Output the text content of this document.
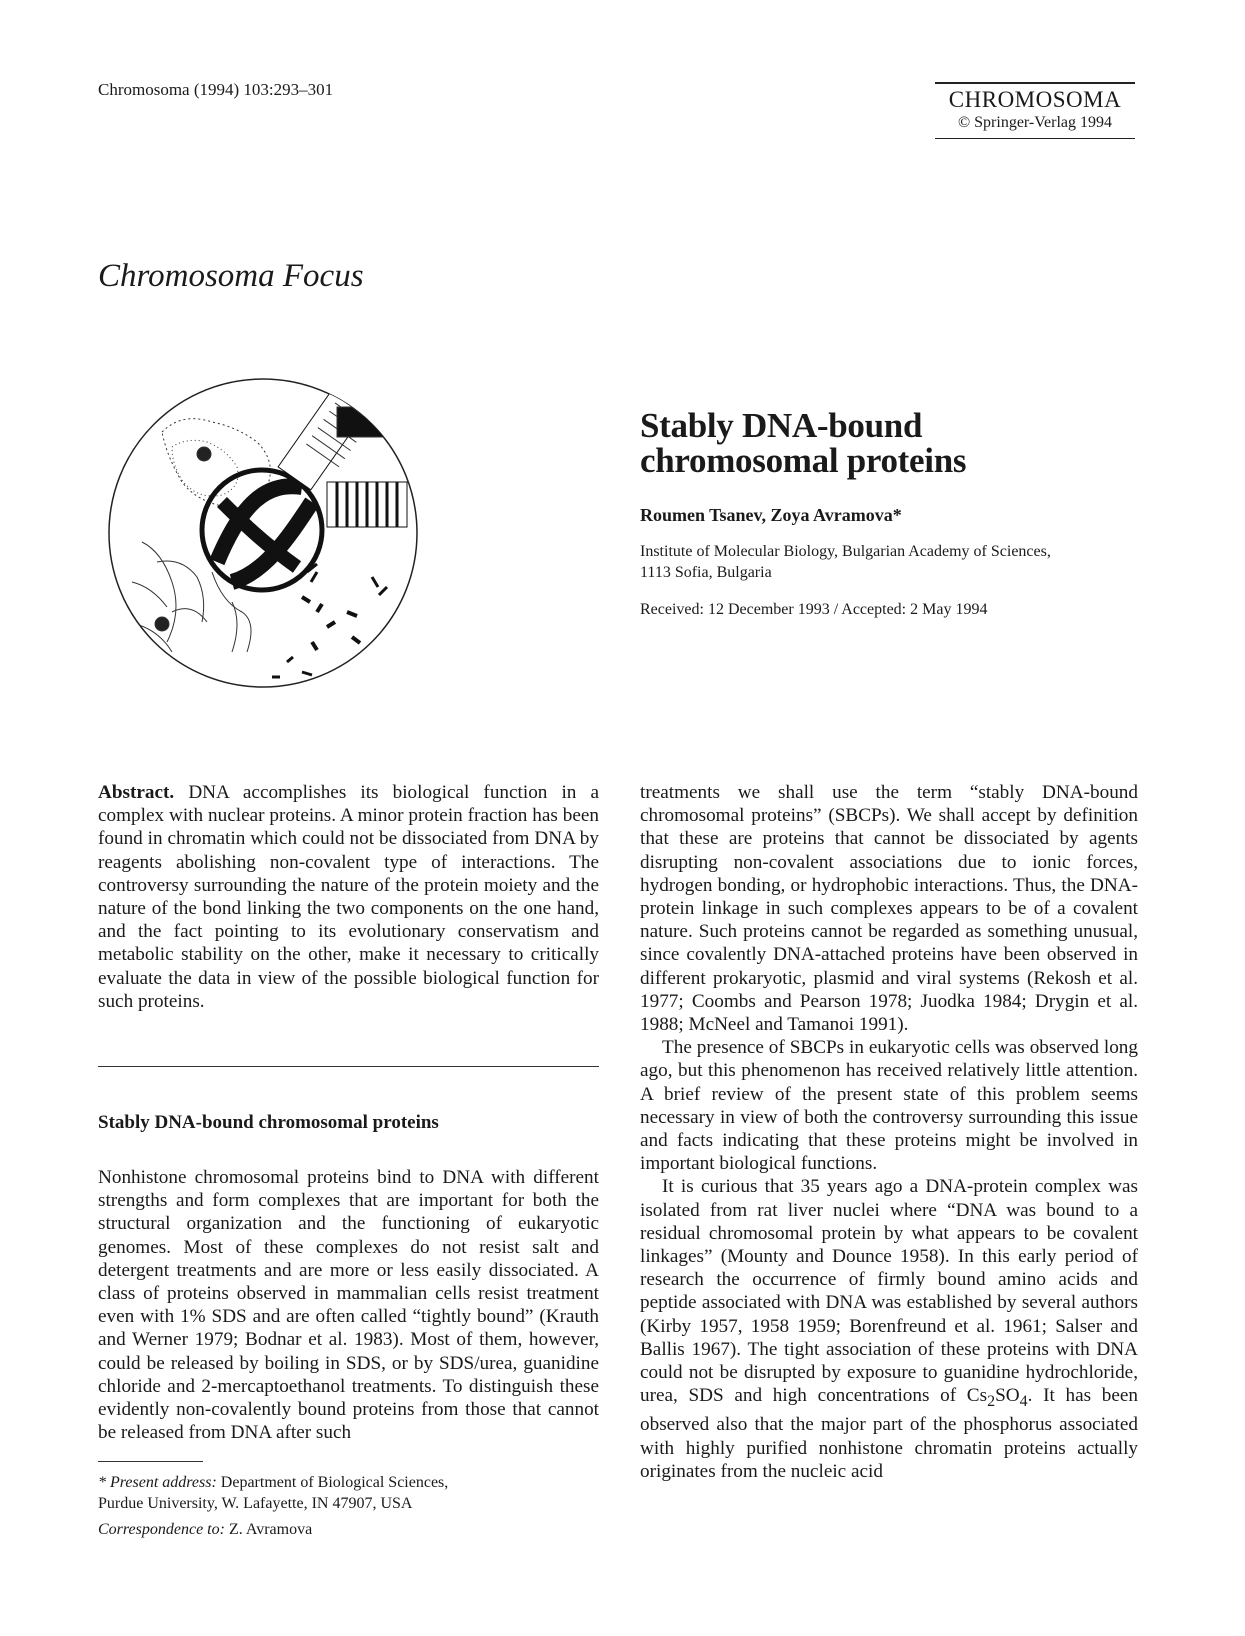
Chromosoma (1994) 103:293–301	CHROMOSOMA
© Springer-Verlag 1994
Chromosoma Focus
Stably DNA-bound
chromosomal proteins
Roumen Tsanev, Zoya Avramova*
Institute of Molecular Biology, Bulgarian Academy of Sciences,
1113 Sofia, Bulgaria
Received: 12 December 1993 / Accepted: 2 May 1994

Abstract. DNA accomplishes its biological function in a complex with nuclear proteins. A minor protein fraction has been found in chromatin which could not be dissociated from DNA by reagents abolishing non-covalent type of interactions. The controversy surrounding the nature of the protein moiety and the nature of the bond linking the two components on the one hand, and the fact pointing to its evolutionary conservatism and metabolic stability on the other, make it necessary to critically evaluate the data in view of the possible biological function for such proteins.

Stably DNA-bound chromosomal proteins

Nonhistone chromosomal proteins bind to DNA with different strengths and form complexes that are important for both the structural organization and the functioning of eukaryotic genomes. Most of these complexes do not resist salt and detergent treatments and are more or less easily dissociated. A class of proteins observed in mammalian cells resist treatment even with 1% SDS and are often called “tightly bound” (Krauth and Werner 1979; Bodnar et al. 1983). Most of them, however, could be released by boiling in SDS, or by SDS/urea, guanidine chloride and 2-mercaptoethanol treatments. To distinguish these evidently non-covalently bound proteins from those that cannot be released from DNA after such

* Present address: Department of Biological Sciences,
Purdue University, W. Lafayette, IN 47907, USA
Correspondence to: Z. Avramova

treatments we shall use the term “stably DNA-bound chromosomal proteins” (SBCPs). We shall accept by definition that these are proteins that cannot be dissociated by agents disrupting non-covalent associations due to ionic forces, hydrogen bonding, or hydrophobic interactions. Thus, the DNA-protein linkage in such complexes appears to be of a covalent nature. Such proteins cannot be regarded as something unusual, since covalently DNA-attached proteins have been observed in different prokaryotic, plasmid and viral systems (Rekosh et al. 1977; Coombs and Pearson 1978; Juodka 1984; Drygin et al. 1988; McNeel and Tamanoi 1991).

The presence of SBCPs in eukaryotic cells was observed long ago, but this phenomenon has received relatively little attention. A brief review of the present state of this problem seems necessary in view of both the controversy surrounding this issue and facts indicating that these proteins might be involved in important biological functions.

It is curious that 35 years ago a DNA-protein complex was isolated from rat liver nuclei where “DNA was bound to a residual chromosomal protein by what appears to be covalent linkages” (Mounty and Dounce 1958). In this early period of research the occurrence of firmly bound amino acids and peptide associated with DNA was established by several authors (Kirby 1957, 1958 1959; Borenfreund et al. 1961; Salser and Ballis 1967). The tight association of these proteins with DNA could not be disrupted by exposure to guanidine hydrochloride, urea, SDS and high concentrations of $Cs_2SO_4$. It has been observed also that the major part of the phosphorus associated with highly purified nonhistone chromatin proteins actually originates from the nucleic acid
